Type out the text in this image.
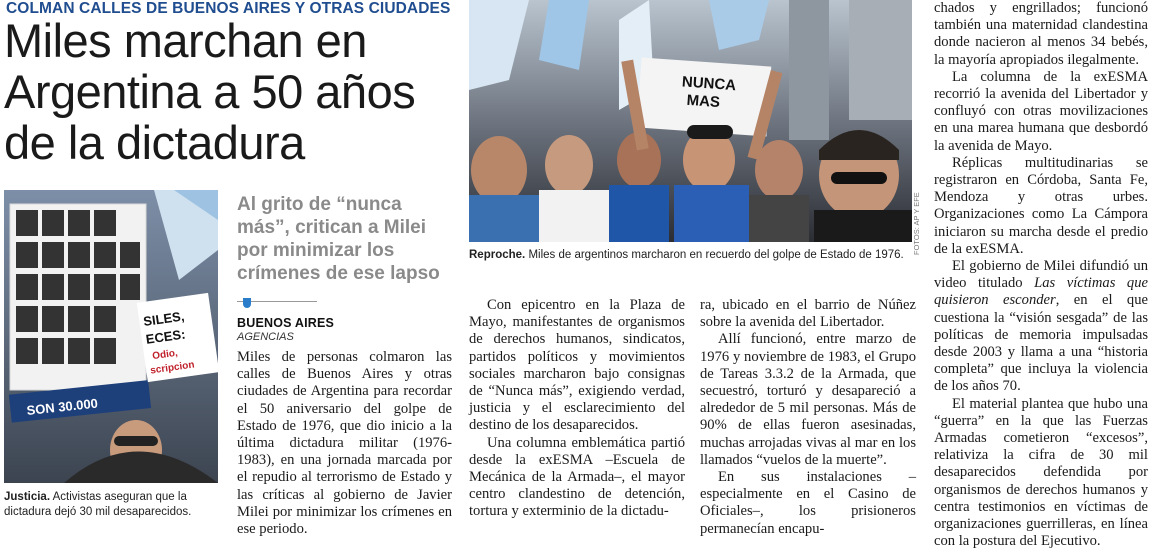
COLMAN CALLES DE BUENOS AIRES Y OTRAS CIUDADES
Miles marchan en Argentina a 50 años de la dictadura
SON 30.000
SILES,
ECES:
Odio,
scripcion
Justicia. Activistas aseguran que la dictadura dejó 30 mil desaparecidos.
Al grito de “nunca más”, critican a Milei por minimizar los crímenes de ese lapso
BUENOS AIRES
AGENCIAS

Miles de personas colmaron las calles de Buenos Aires y otras ciudades de Argentina para recordar el 50 aniversario del golpe de Estado de 1976, que dio inicio a la última dictadura militar (1976-1983), en una jornada marcada por el repudio al terrorismo de Estado y las críticas al gobierno de Javier Milei por minimizar los crímenes en ese periodo.

NUNCA
MAS
FOTOS: AP Y EFE
Reproche. Miles de argentinos marcharon en recuerdo del golpe de Estado de 1976.

Con epicentro en la Plaza de Mayo, manifestantes de organismos de derechos humanos, sindicatos, partidos políticos y movimientos sociales marcharon bajo consignas de “Nunca más”, exigiendo verdad, justicia y el esclarecimiento del destino de los desaparecidos.

Una columna emblemática partió desde la exESMA –Escuela de Mecánica de la Armada–, el mayor centro clandestino de detención, tortura y exterminio de la dictadu-

ra, ubicado en el barrio de Núñez sobre la avenida del Libertador.

Allí funcionó, entre marzo de 1976 y noviembre de 1983, el Grupo de Tareas 3.3.2 de la Armada, que secuestró, torturó y desapareció a alrededor de 5 mil personas. Más de 90% de ellas fueron asesinadas, muchas arrojadas vivas al mar en los llamados “vuelos de la muerte”.

En sus instalaciones –especialmente en el Casino de Oficiales–, los prisioneros permanecían encapu-

chados y engrillados; funcionó también una maternidad clandestina donde nacieron al menos 34 bebés, la mayoría apropiados ilegalmente.

La columna de la exESMA recorrió la avenida del Libertador y confluyó con otras movilizaciones en una marea humana que desbordó la avenida de Mayo.

Réplicas multitudinarias se registraron en Córdoba, Santa Fe, Mendoza y otras urbes. Organizaciones como La Cámpora iniciaron su marcha desde el predio de la exESMA.

El gobierno de Milei difundió un video titulado Las víctimas que quisieron esconder, en el que cuestiona la “visión sesgada” de las políticas de memoria impulsadas desde 2003 y llama a una “historia completa” que incluya la violencia de los años 70.

El material plantea que hubo una “guerra” en la que las Fuerzas Armadas cometieron “excesos”, relativiza la cifra de 30 mil desaparecidos defendida por organismos de derechos humanos y centra testimonios en víctimas de organizaciones guerrilleras, en línea con la postura del Ejecutivo.
